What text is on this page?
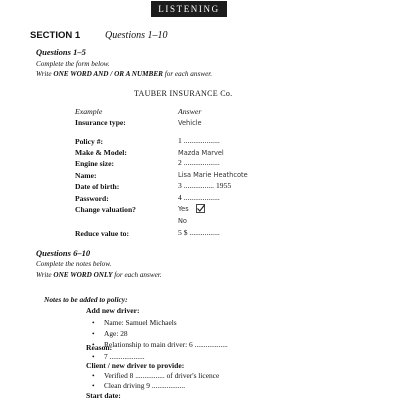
LISTENING
SECTION 1 Questions 1–10
Questions 1–5
Complete the form below.
Write ONE WORD AND / OR A NUMBER for each answer.
TAUBER INSURANCE Co.
Example	Answer
Insurance type:	Vehicle
Policy #:	1 ...................
Make & Model:	Mazda Marvel
Engine size:	2 ...................
Name:	Lisa Marie Heathcote
Date of birth:	3 ................ 1955
Password:	4 ...................
Change valuation?	Yes
No
Reduce value to:	5 $ ................
Questions 6–10
Complete the notes below.
Write ONE WORD ONLY for each answer.
Notes to be added to policy:
Add new driver:
• Name: Samuel Michaels
• Age: 28
• Relationship to main driver: 6 ..................
Reason:
• 7 ...................
Client / new driver to provide:
• Verified 8 ................ of driver's licence
• Clean driving 9 ..................
Start date:
